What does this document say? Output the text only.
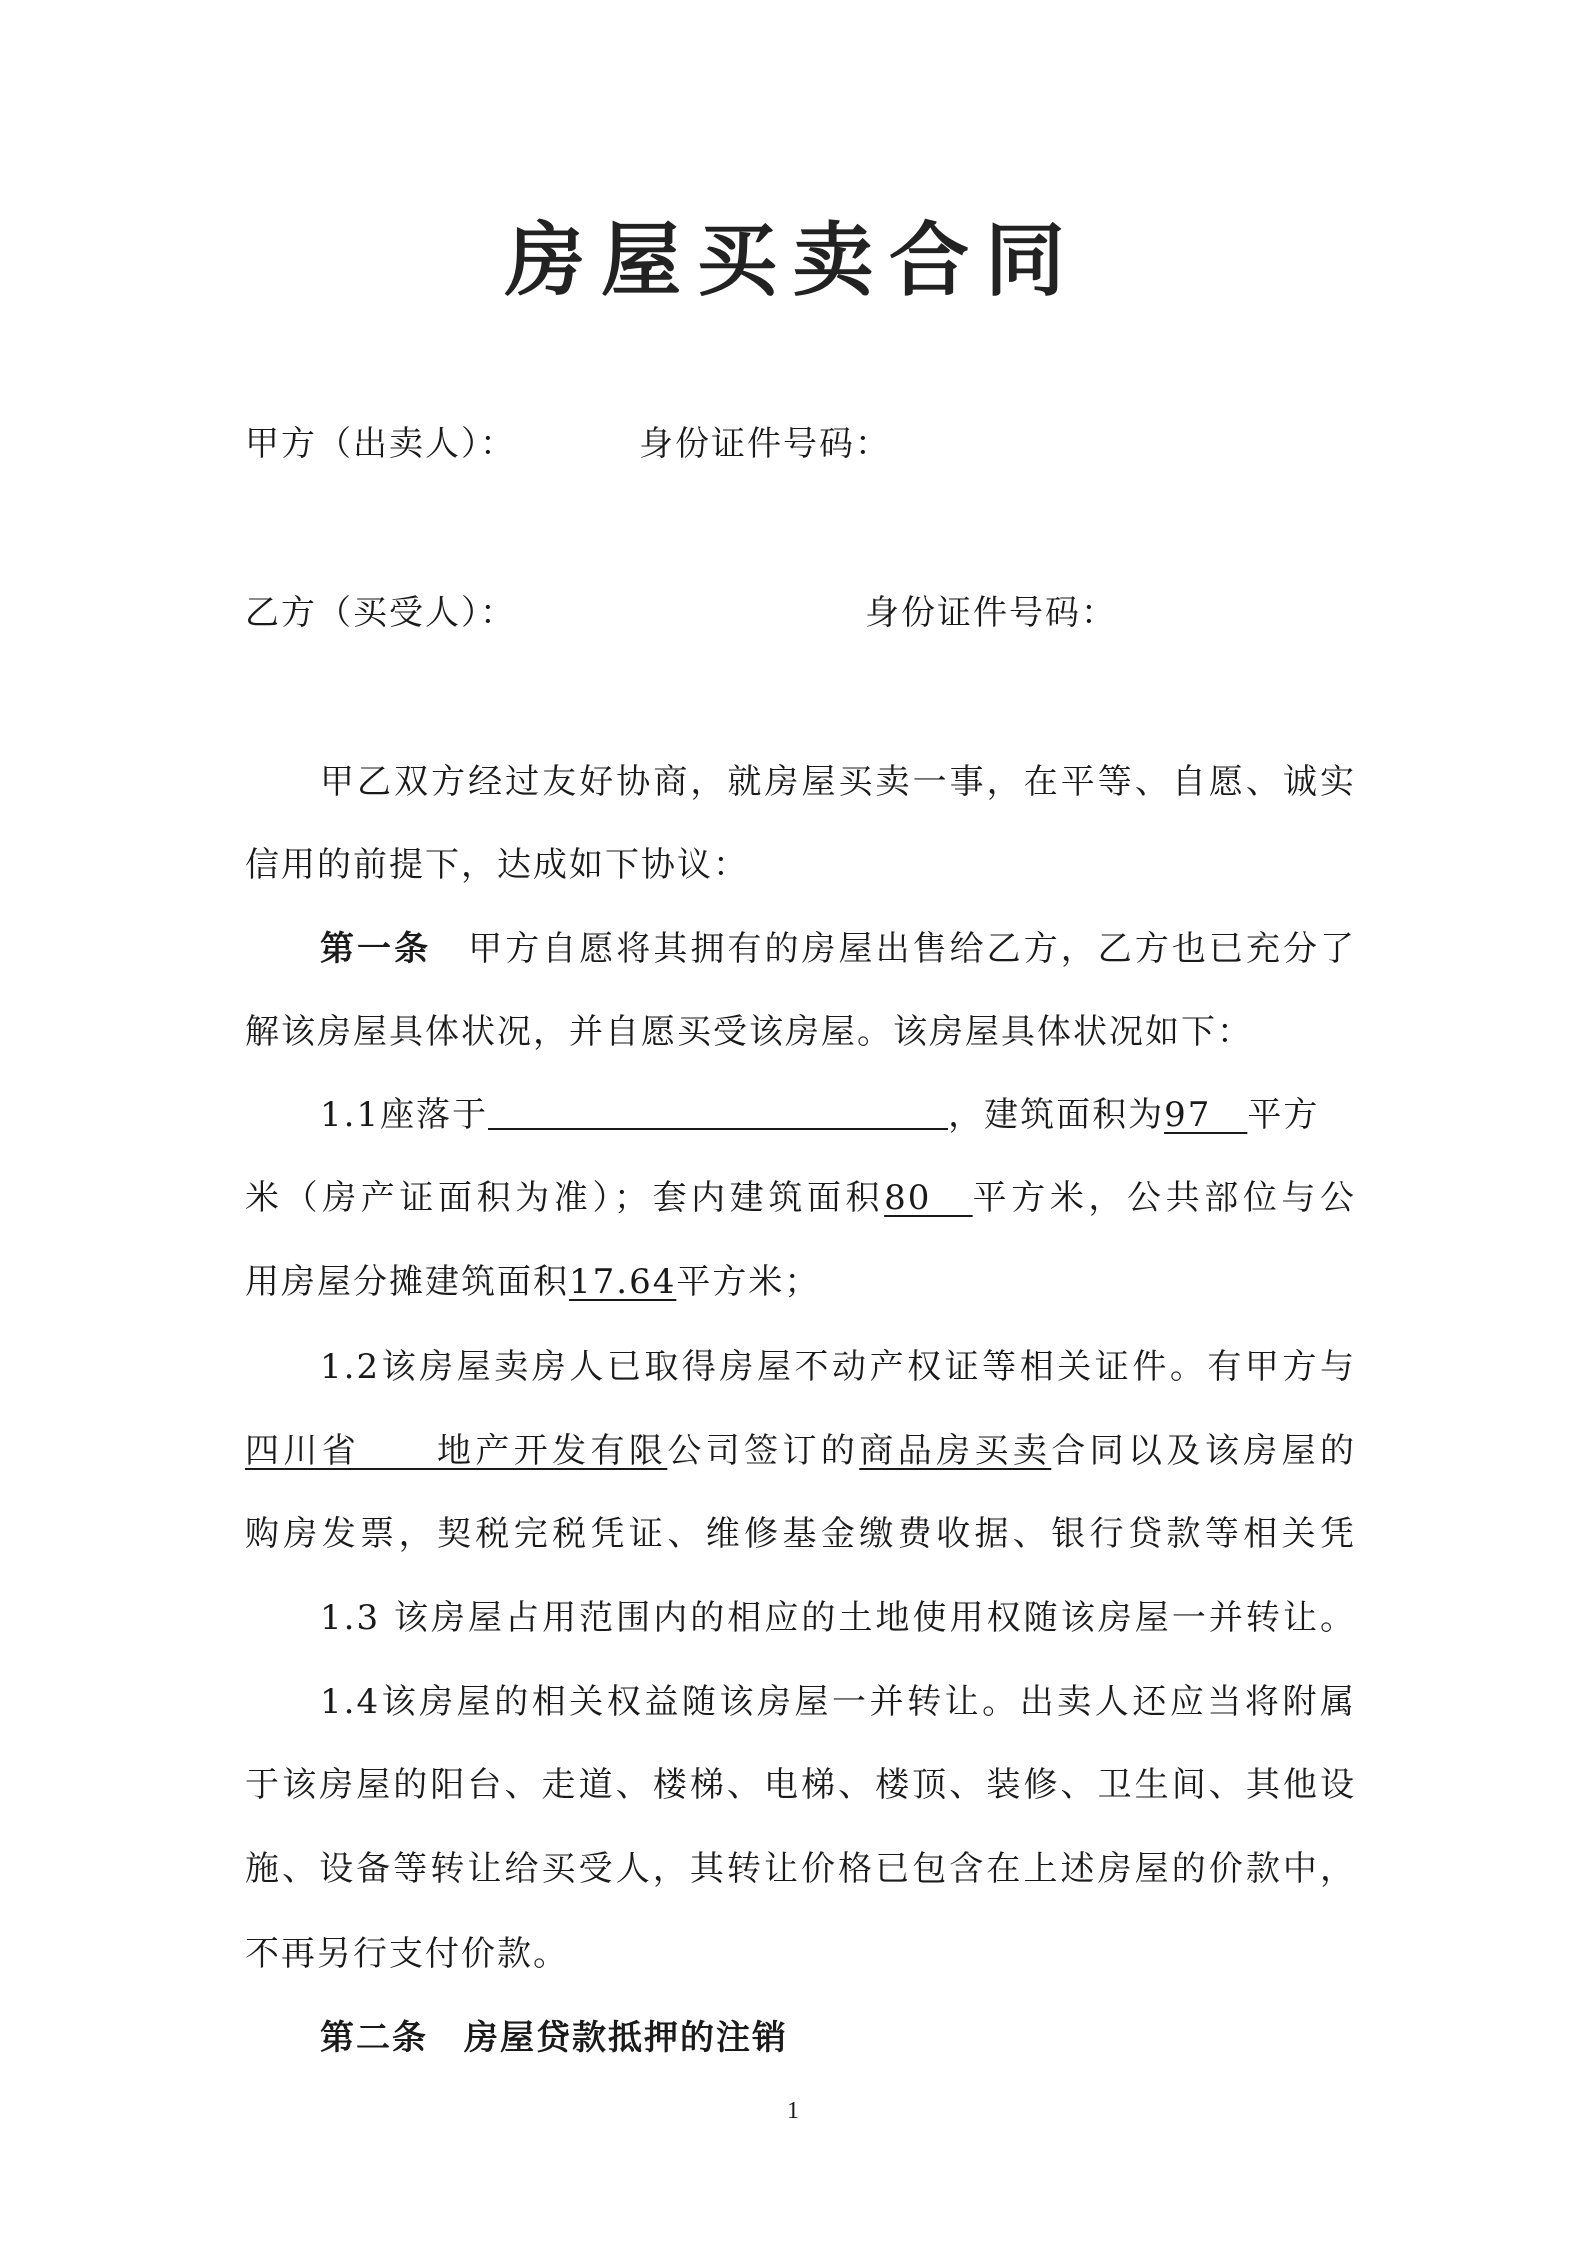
房屋买卖合同
甲方（出卖人）：	身份证件号码：
乙方（买受人）：	身份证件号码：
甲乙双方经过友好协商，就房屋买卖一事，在平等、自愿、诚实
信用的前提下，达成如下协议：
第一条　甲方自愿将其拥有的房屋出售给乙方，乙方也已充分了
解该房屋具体状况，并自愿买受该房屋。该房屋具体状况如下：
1.1座落于	，建筑面积为97　平方
米（房产证面积为准）；套内建筑面积80　平方米，公共部位与公
用房屋分摊建筑面积17.64平方米；
1.2该房屋卖房人已取得房屋不动产权证等相关证件。有甲方与
四川省　　地产开发有限公司签订的商品房买卖合同以及该房屋的
购房发票，契税完税凭证、维修基金缴费收据、银行贷款等相关凭
1.3 该房屋占用范围内的相应的土地使用权随该房屋一并转让。
1.4该房屋的相关权益随该房屋一并转让。出卖人还应当将附属
于该房屋的阳台、走道、楼梯、电梯、楼顶、装修、卫生间、其他设
施、设备等转让给买受人，其转让价格已包含在上述房屋的价款中，
不再另行支付价款。
第二条　房屋贷款抵押的注销
1
